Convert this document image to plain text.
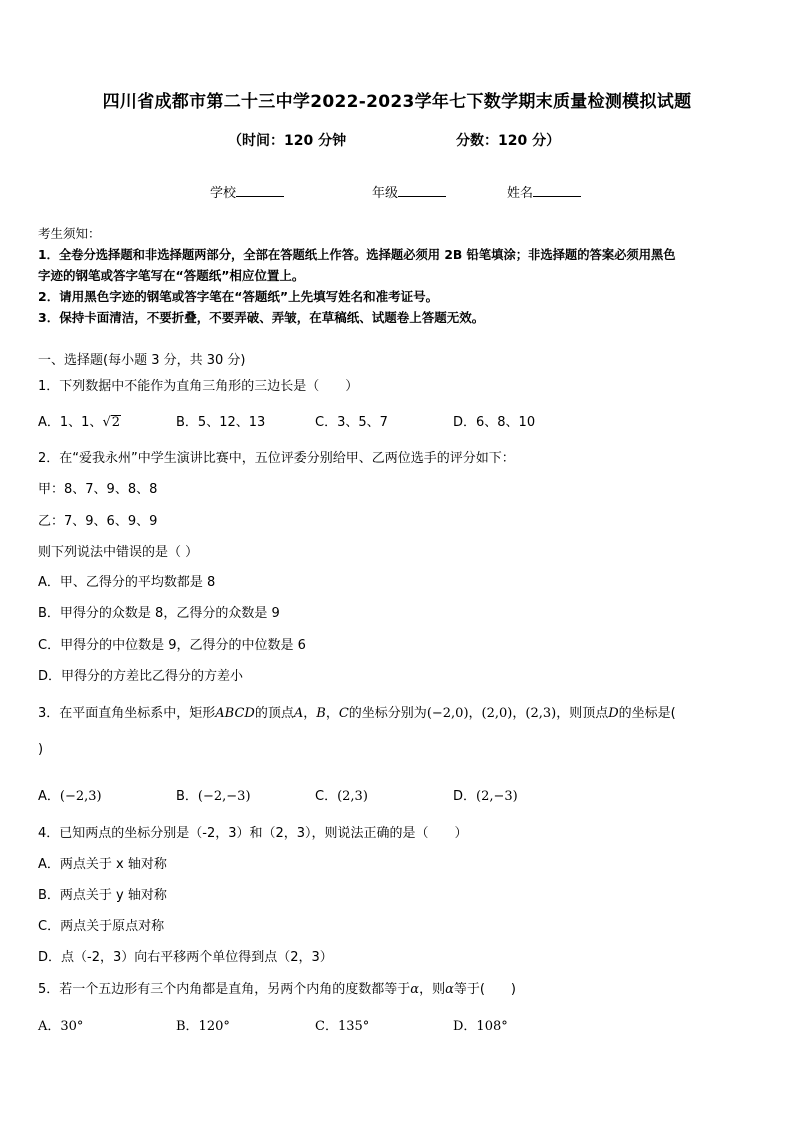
四川省成都市第二十三中学2022-2023学年七下数学期末质量检测模拟试题
（时间：120 分钟	分数：120 分）
学校	年级	姓名
考生须知：
1．全卷分选择题和非选择题两部分，全部在答题纸上作答。选择题必须用 2B 铅笔填涂；非选择题的答案必须用黑色
字迹的钢笔或答字笔写在“答题纸”相应位置上。
2．请用黑色字迹的钢笔或答字笔在“答题纸”上先填写姓名和准考证号。
3．保持卡面清洁，不要折叠，不要弄破、弄皱，在草稿纸、试题卷上答题无效。
一、选择题(每小题 3 分，共 30 分)
1．下列数据中不能作为直角三角形的三边长是（　　）
A．1、1、√2	B．5、12、13	C．3、5、7	D．6、8、10
2．在“爱我永州”中学生演讲比赛中，五位评委分别给甲、乙两位选手的评分如下：
甲：8、7、9、8、8
乙：7、9、6、9、9
则下列说法中错误的是（ ）
A．甲、乙得分的平均数都是 8
B．甲得分的众数是 8，乙得分的众数是 9
C．甲得分的中位数是 9，乙得分的中位数是 6
D．甲得分的方差比乙得分的方差小
3．在平面直角坐标系中，矩形ABCD的顶点A，B，C的坐标分别为(−2,0)，(2,0)，(2,3)，则顶点D的坐标是(
)
A．(−2,3)	B．(−2,−3)	C．(2,3)	D．(2,−3)
4．已知两点的坐标分别是（-2，3）和（2，3），则说法正确的是（　　）
A．两点关于 x 轴对称
B．两点关于 y 轴对称
C．两点关于原点对称
D．点（-2，3）向右平移两个单位得到点（2，3）
5．若一个五边形有三个内角都是直角，另两个内角的度数都等于α，则α等于(　　)
A．30°	B．120°	C．135°	D．108°
